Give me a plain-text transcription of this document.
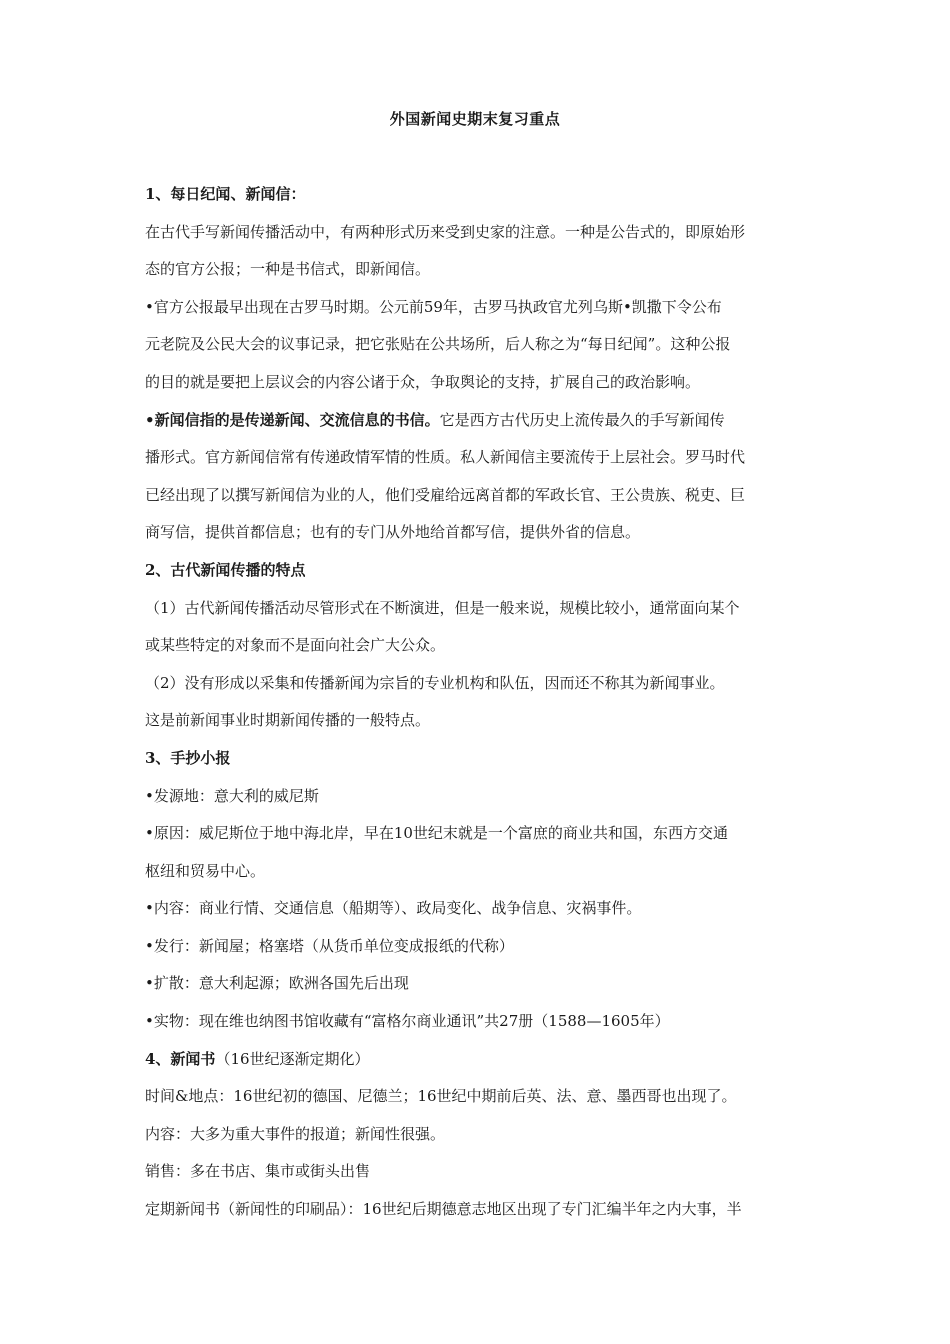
外国新闻史期末复习重点

1、每日纪闻、新闻信：

在古代手写新闻传播活动中，有两种形式历来受到史家的注意。一种是公告式的，即原始形

态的官方公报；一种是书信式，即新闻信。

•官方公报最早出现在古罗马时期。公元前59年，古罗马执政官尤列乌斯•凯撒下令公布

元老院及公民大会的议事记录，把它张贴在公共场所，后人称之为“每日纪闻”。这种公报

的目的就是要把上层议会的内容公诸于众，争取舆论的支持，扩展自己的政治影响。

•新闻信指的是传递新闻、交流信息的书信。它是西方古代历史上流传最久的手写新闻传

播形式。官方新闻信常有传递政情军情的性质。私人新闻信主要流传于上层社会。罗马时代

已经出现了以撰写新闻信为业的人，他们受雇给远离首都的军政长官、王公贵族、税吏、巨

商写信，提供首都信息；也有的专门从外地给首都写信，提供外省的信息。

2、古代新闻传播的特点

（1）古代新闻传播活动尽管形式在不断演进，但是一般来说，规模比较小，通常面向某个

或某些特定的对象而不是面向社会广大公众。

（2）没有形成以采集和传播新闻为宗旨的专业机构和队伍，因而还不称其为新闻事业。

这是前新闻事业时期新闻传播的一般特点。

3、手抄小报

•发源地：意大利的威尼斯

•原因：威尼斯位于地中海北岸，早在10世纪末就是一个富庶的商业共和国，东西方交通

枢纽和贸易中心。

•内容：商业行情、交通信息（船期等）、政局变化、战争信息、灾祸事件。

•发行：新闻屋；格塞塔（从货币单位变成报纸的代称）

•扩散：意大利起源；欧洲各国先后出现

•实物：现在维也纳图书馆收藏有“富格尔商业通讯”共27册（1588—1605年）

4、新闻书（16世纪逐渐定期化）

时间&地点：16世纪初的德国、尼德兰；16世纪中期前后英、法、意、墨西哥也出现了。

内容：大多为重大事件的报道；新闻性很强。

销售：多在书店、集市或街头出售

定期新闻书（新闻性的印刷品）：16世纪后期德意志地区出现了专门汇编半年之内大事，半
